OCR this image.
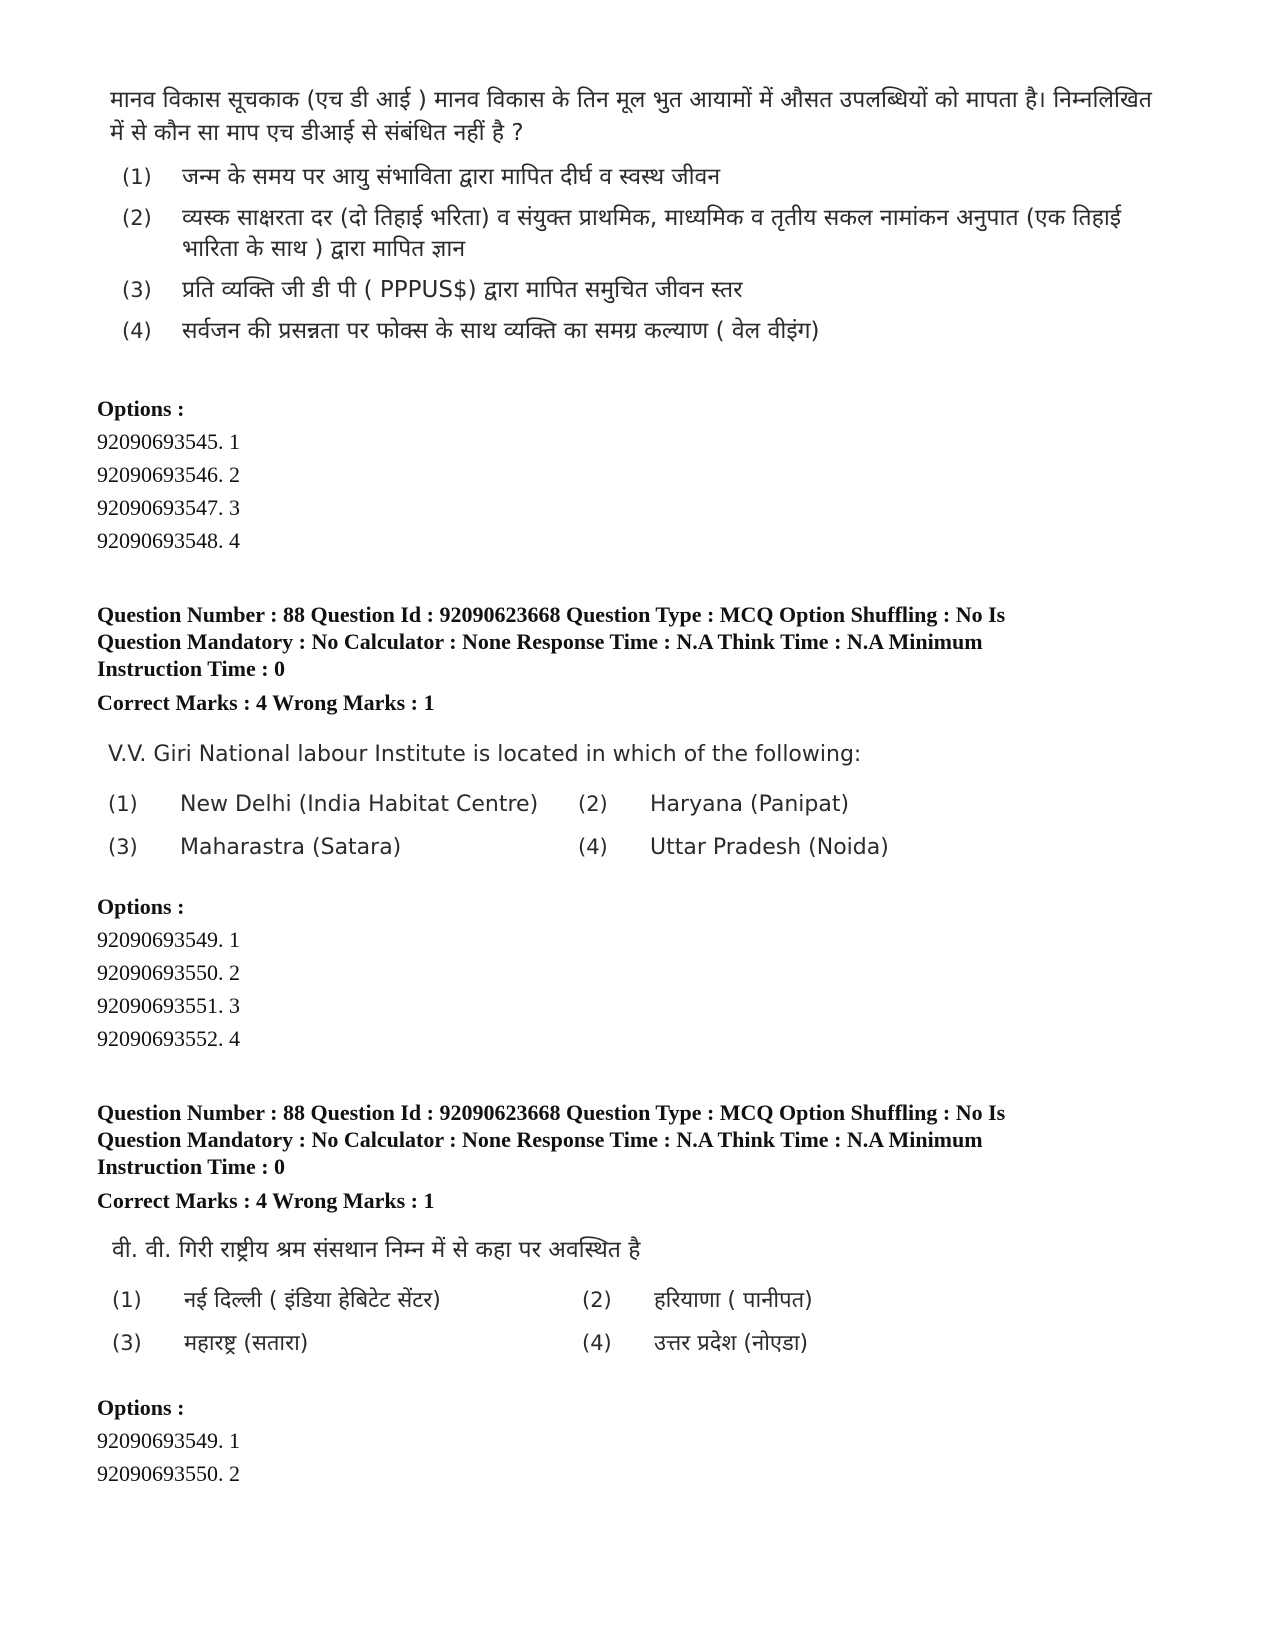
मानव विकास सूचकाक (एच डी आई ) मानव विकास के तिन मूल भुत आयामों में औसत उपलब्धियों को मापता है। निम्नलिखित में से कौन सा माप एच डीआई से संबंधित नहीं है ?

(1)	जन्म के समय पर आयु संभाविता द्वारा मापित दीर्घ व स्वस्थ जीवन
(2)	व्यस्क साक्षरता दर (दो तिहाई भरिता) व संयुक्त प्राथमिक, माध्यमिक व तृतीय सकल नामांकन अनुपात (एक तिहाई भारिता के साथ ) द्वारा मापित ज्ञान
(3)	प्रति व्यक्ति जी डी पी ( PPPUS$) द्वारा मापित समुचित जीवन स्तर
(4)	सर्वजन की प्रसन्नता पर फोक्स के साथ व्यक्ति का समग्र कल्याण ( वेल वीइंग)
Options :
92090693545. 1
92090693546. 2
92090693547. 3
92090693548. 4
Question Number : 88 Question Id : 92090623668 Question Type : MCQ Option Shuffling : No Is
Question Mandatory : No Calculator : None Response Time : N.A Think Time : N.A Minimum
Instruction Time : 0
Correct Marks : 4 Wrong Marks : 1

V.V. Giri National labour Institute is located in which of the following:

(1)	New Delhi (India Habitat Centre)	(2)	Haryana (Panipat)
(3)	Maharastra (Satara)	(4)	Uttar Pradesh (Noida)
Options :
92090693549. 1
92090693550. 2
92090693551. 3
92090693552. 4
Question Number : 88 Question Id : 92090623668 Question Type : MCQ Option Shuffling : No Is
Question Mandatory : No Calculator : None Response Time : N.A Think Time : N.A Minimum
Instruction Time : 0
Correct Marks : 4 Wrong Marks : 1

वी. वी. गिरी राष्ट्रीय श्रम संसथान निम्न में से कहा पर अवस्थित है

(1)	नई दिल्ली ( इंडिया हेबिटेट सेंटर)	(2)	हरियाणा ( पानीपत)
(3)	महारष्ट्र (सतारा)	(4)	उत्तर प्रदेश (नोएडा)
Options :
92090693549. 1
92090693550. 2
